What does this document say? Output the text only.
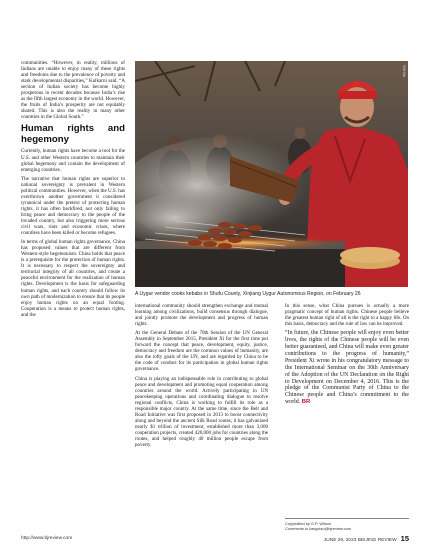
communities. “However, in reality, millions of Indians are unable to enjoy many of these rights and freedoms due to the prevalence of poverty and stark developmental disparities,” Kulkarni said. “A section of Indian society has become highly prosperous in recent decades because India’s rise as the fifth largest economy in the world. However, the fruits of India’s prosperity are not equitably shared. This is also the reality in many other countries in the Global South.”

Human rights and hegemony

Currently, human rights have become a tool for the U.S. and other Western countries to maintain their global hegemony and contain the development of emerging countries.

The narrative that human rights are superior to national sovereignty is prevalent in Western political communities. However, when the U.S. has overthrown another government it considered tyrannical under the pretext of protecting human rights, it has often backfired, not only failing to bring peace and democracy to the people of the invaded country, but also triggering more serious civil wars, riots and economic crises, where countless have been killed or become refugees.

In terms of global human rights governance, China has proposed values that are different from Western-style hegemonism. China holds that peace is a prerequisite for the protection of human rights. It is necessary to respect the sovereignty and territorial integrity of all countries, and create a peaceful environment for the realization of human rights. Development is the basis for safeguarding human rights, and each country should follow its own path of modernization to ensure that its people enjoy human rights on an equal footing. Cooperation is a means to protect human rights, and the

XINHUA
A Uygur vendor cooks kebabs in Shufu County, Xinjiang Uygur Autonomous Region, on February 26

international community should strengthen exchange and mutual learning among civilizations, build consensus through dialogue, and jointly promote the development and progress of human rights.

At the General Debate of the 70th Session of the UN General Assembly in September 2015, President Xi for the first time put forward the concept that peace, development, equity, justice, democracy and freedom are the common values of humanity, are also the lofty goals of the UN, and are regarded by China to be the code of conduct for its participation in global human rights governance.

China is playing an indispensable role in contributing to global peace and development and promoting equal cooperation among countries around the world. Actively participating in UN peacekeeping operations and coordinating dialogue to resolve regional conflicts, China is working to fulfill its role as a responsible major country. At the same time, since the Belt and Road Initiative was first proposed in 2013 to boost connectivity along and beyond the ancient Silk Road routes, it has galvanized nearly $1 trillion of investment, established more than 3,000 cooperation projects, created 420,000 jobs for countries along the routes, and helped roughly 40 million people escape from poverty.

In this sense, what China pursues is actually a more pragmatic concept of human rights. Chinese people believe the greatest human right of all is the right to a happy life. On this basis, democracy and the rule of law can be improved.

“In future, the Chinese people will enjoy even better lives, the rights of the Chinese people will be even better guaranteed, and China will make even greater contributions to the progress of humanity,” President Xi wrote in his congratulatory message to the International Seminar on the 30th Anniversary of the Adoption of the UN Declaration on the Right to Development on December 4, 2016. This is the pledge of the Communist Party of China to the Chinese people and China’s commitment to the world. BR

Copyedited by G.P. Wilson
Comments to liangxiao@bjreview.com
http://www.bjreview.com	JUNE 29, 2023 BEIJING REVIEW 15
